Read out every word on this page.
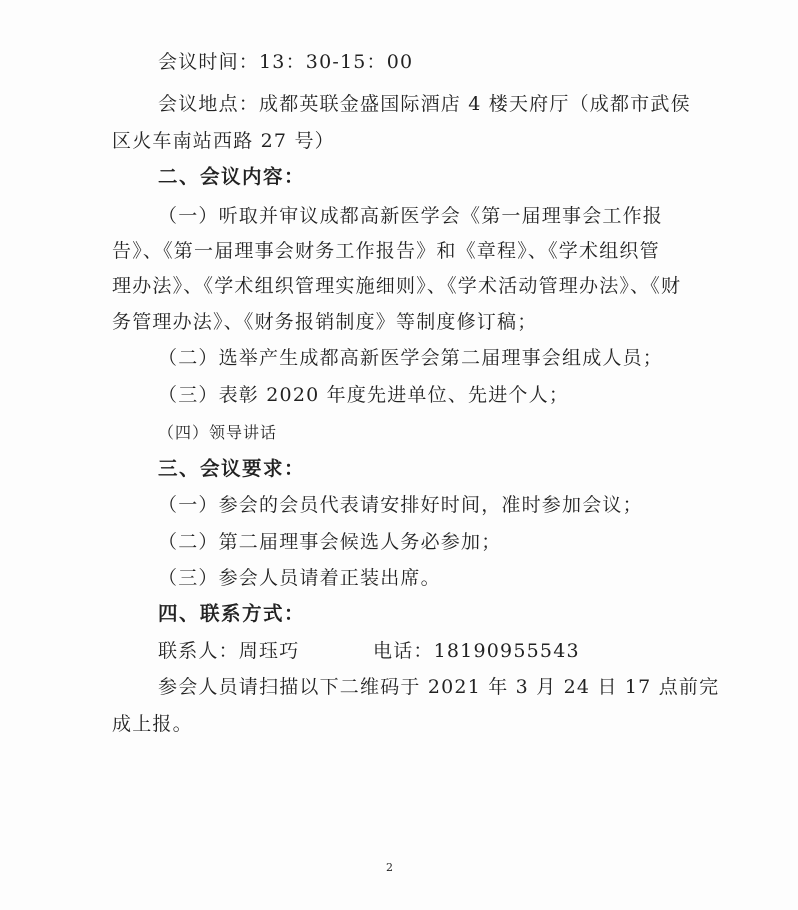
会议时间：13：30-15：00
会议地点：成都英联金盛国际酒店 4 楼天府厅（成都市武侯
区火车南站西路 27 号）
二、会议内容：
（一）听取并审议成都高新医学会《第一届理事会工作报
告》、《第一届理事会财务工作报告》和《章程》、《学术组织管
理办法》、《学术组织管理实施细则》、《学术活动管理办法》、《财
务管理办法》、《财务报销制度》等制度修订稿；
（二）选举产生成都高新医学会第二届理事会组成人员；
（三）表彰 2020 年度先进单位、先进个人；
（四）领导讲话
三、会议要求：
（一）参会的会员代表请安排好时间，准时参加会议；
（二）第二届理事会候选人务必参加；
（三）参会人员请着正装出席。
四、联系方式：
联系人：周珏巧	电话：18190955543
参会人员请扫描以下二维码于 2021 年 3 月 24 日 17 点前完
成上报。
2
